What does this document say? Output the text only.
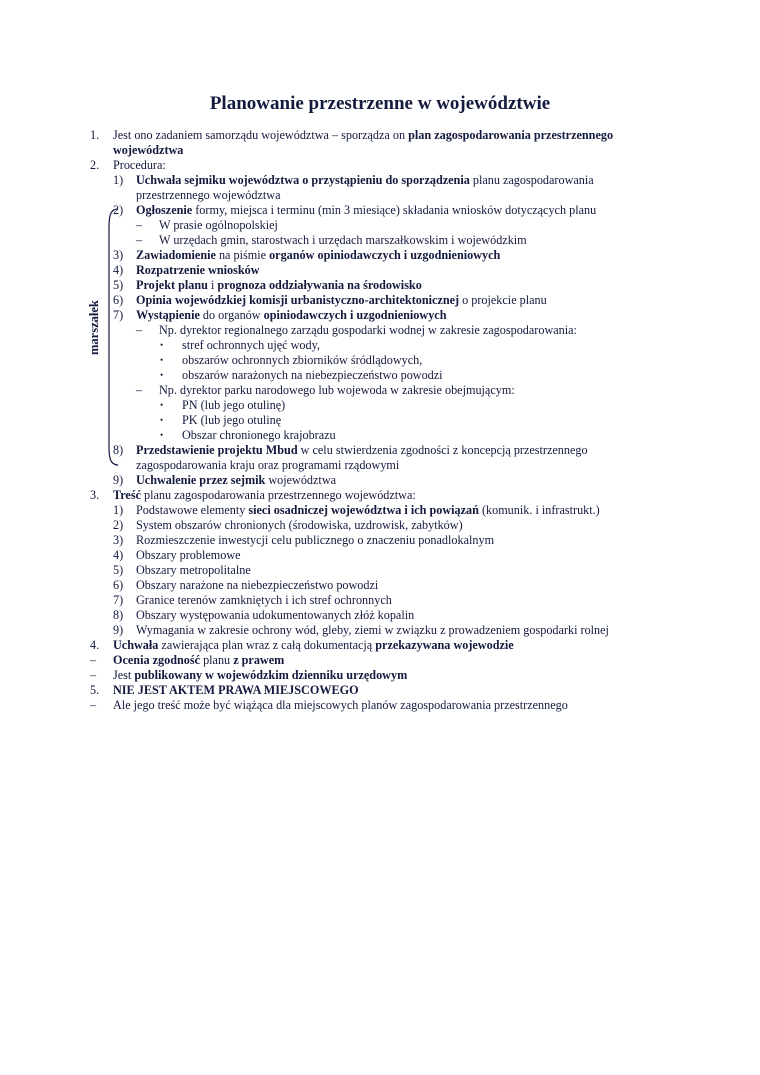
Planowanie przestrzenne w województwie
marszałek
1. Jest ono zadaniem samorządu województwa – sporządza on plan zagospodarowania przestrzennego
województwa
2. Procedura:
1) Uchwała sejmiku województwa o przystąpieniu do sporządzenia planu zagospodarowania
przestrzennego województwa
2) Ogłoszenie formy, miejsca i terminu (min 3 miesiące) składania wniosków dotyczących planu
– W prasie ogólnopolskiej
– W urzędach gmin, starostwach i urzędach marszałkowskim i wojewódzkim
3) Zawiadomienie na piśmie organów opiniodawczych i uzgodnieniowych
4) Rozpatrzenie wniosków
5) Projekt planu i prognoza oddziaływania na środowisko
6) Opinia wojewódzkiej komisji urbanistyczno-architektonicznej o projekcie planu
7) Wystąpienie do organów opiniodawczych i uzgodnieniowych
– Np. dyrektor regionalnego zarządu gospodarki wodnej w zakresie zagospodarowania:
• stref ochronnych ujęć wody,
• obszarów ochronnych zbiorników śródlądowych,
• obszarów narażonych na niebezpieczeństwo powodzi
– Np. dyrektor parku narodowego lub wojewoda w zakresie obejmującym:
• PN (lub jego otulinę)
• PK (lub jego otulinę
• Obszar chronionego krajobrazu
8) Przedstawienie projektu Mbud w celu stwierdzenia zgodności z koncepcją przestrzennego
zagospodarowania kraju oraz programami rządowymi
9) Uchwalenie przez sejmik województwa
3. Treść planu zagospodarowania przestrzennego województwa:
1) Podstawowe elementy sieci osadniczej województwa i ich powiązań (komunik. i infrastrukt.)
2) System obszarów chronionych (środowiska, uzdrowisk, zabytków)
3) Rozmieszczenie inwestycji celu publicznego o znaczeniu ponadlokalnym
4) Obszary problemowe
5) Obszary metropolitalne
6) Obszary narażone na niebezpieczeństwo powodzi
7) Granice terenów zamkniętych i ich stref ochronnych
8) Obszary występowania udokumentowanych złóż kopalin
9) Wymagania w zakresie ochrony wód, gleby, ziemi w związku z prowadzeniem gospodarki rolnej
4. Uchwała zawierająca plan wraz z całą dokumentacją przekazywana wojewodzie
– Ocenia zgodność planu z prawem
– Jest publikowany w wojewódzkim dzienniku urzędowym
5. NIE JEST AKTEM PRAWA MIEJSCOWEGO
– Ale jego treść może być wiążąca dla miejscowych planów zagospodarowania przestrzennego
